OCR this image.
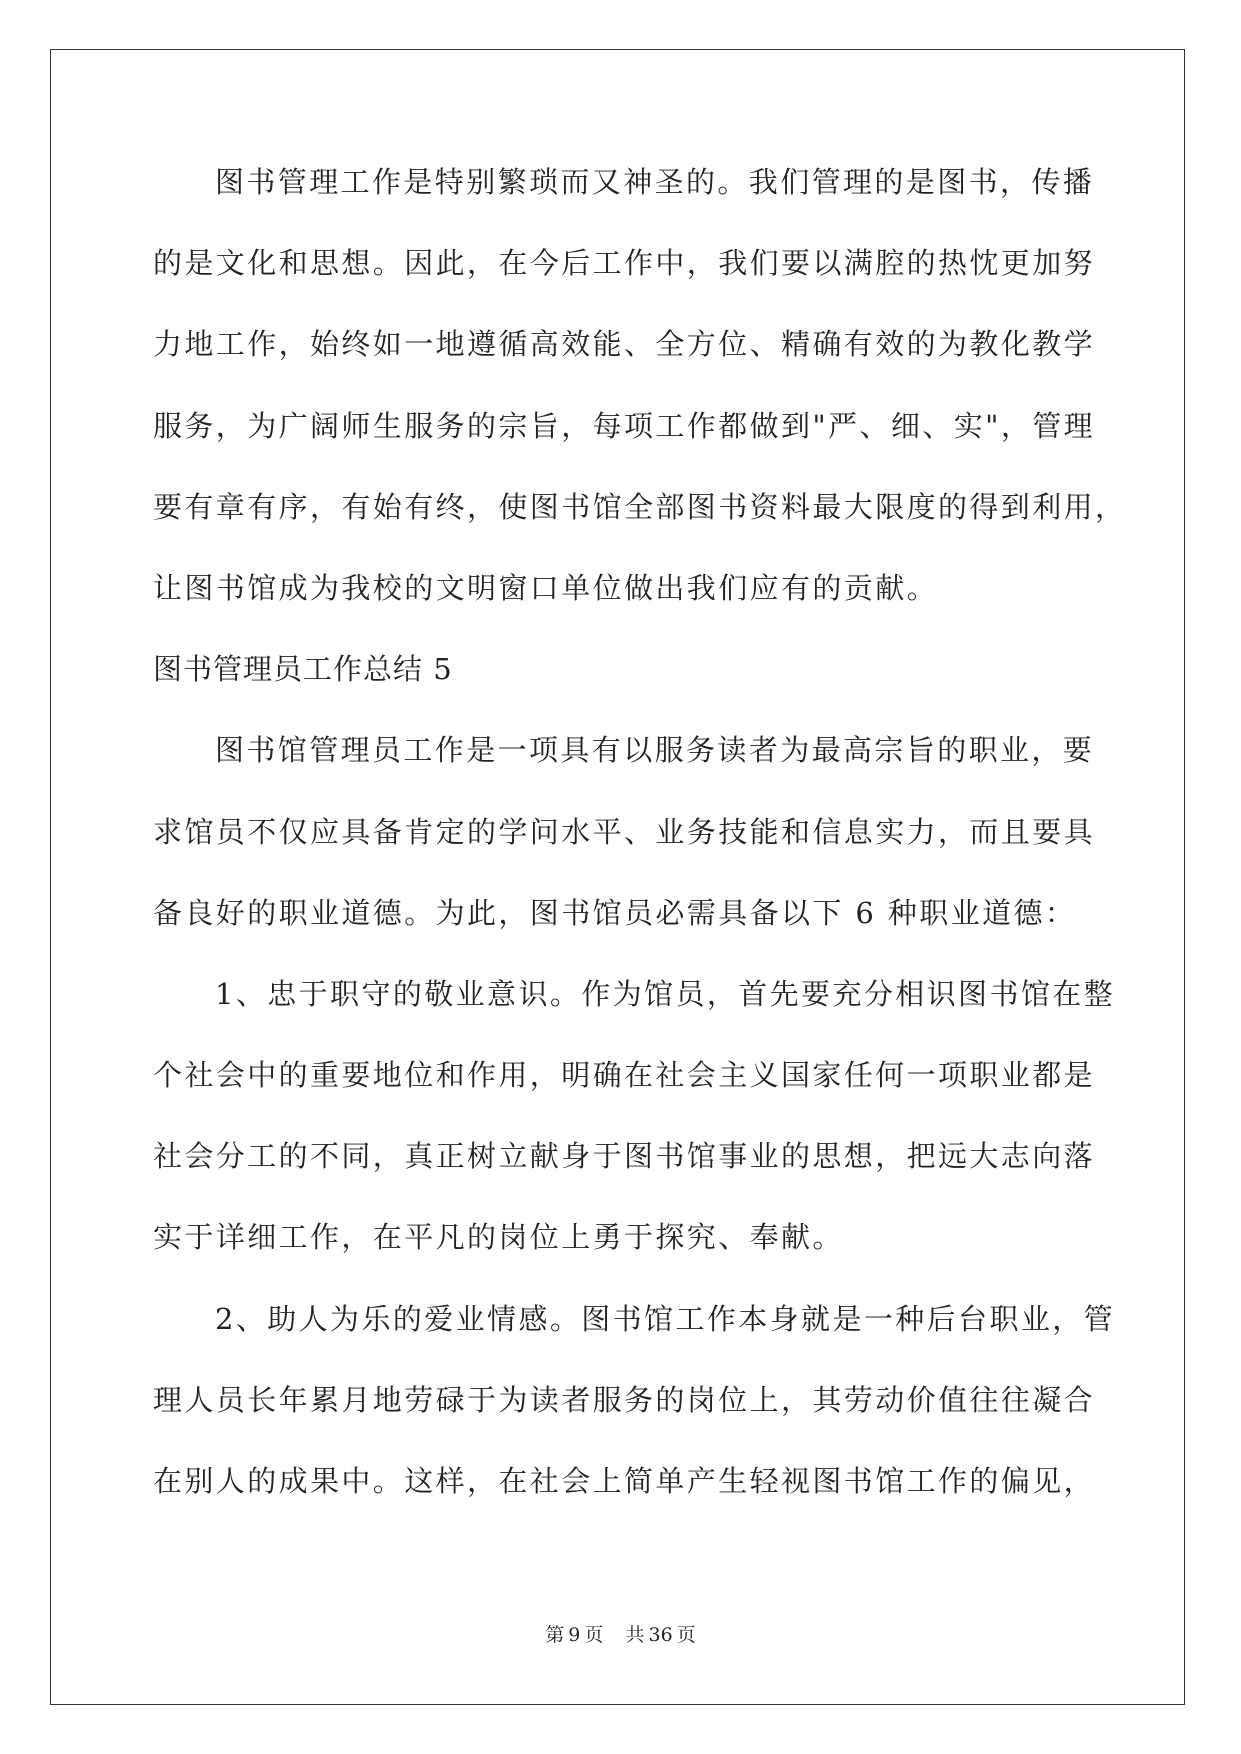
图书管理工作是特别繁琐而又神圣的。我们管理的是图书，传播
的是文化和思想。因此，在今后工作中，我们要以满腔的热忱更加努
力地工作，始终如一地遵循高效能、全方位、精确有效的为教化教学
服务，为广阔师生服务的宗旨，每项工作都做到"严、细、实"，管理
要有章有序，有始有终，使图书馆全部图书资料最大限度的得到利用，
让图书馆成为我校的文明窗口单位做出我们应有的贡献。
图书管理员工作总结 5
图书馆管理员工作是一项具有以服务读者为最高宗旨的职业，要
求馆员不仅应具备肯定的学问水平、业务技能和信息实力，而且要具
备良好的职业道德。为此，图书馆员必需具备以下 6 种职业道德：
1、忠于职守的敬业意识。作为馆员，首先要充分相识图书馆在整
个社会中的重要地位和作用，明确在社会主义国家任何一项职业都是
社会分工的不同，真正树立献身于图书馆事业的思想，把远大志向落
实于详细工作，在平凡的岗位上勇于探究、奉献。
2、助人为乐的爱业情感。图书馆工作本身就是一种后台职业，管
理人员长年累月地劳碌于为读者服务的岗位上，其劳动价值往往凝合
在别人的成果中。这样，在社会上简单产生轻视图书馆工作的偏见，
第 9 页 共 36 页
